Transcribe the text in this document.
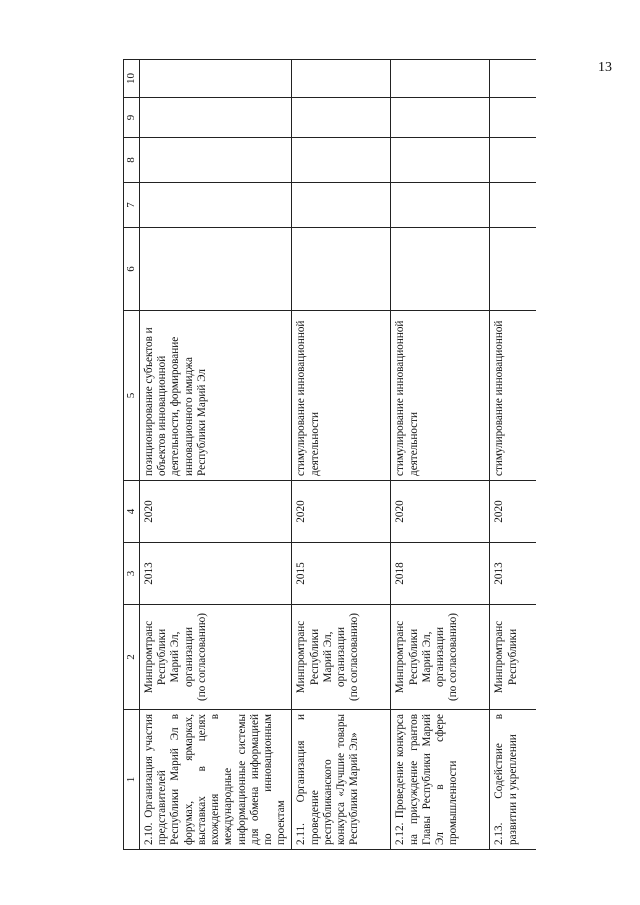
13
1	2	3	4	5	6	7	8	9	10

2.10. Организация участия представителей Республики Марий Эл в форумах, ярмарках, выставках в целях вхождения в международные информационные системы для обмена информацией по инновационным проектам	Минпромтранс
Республики
Марий Эл,
организации
(по согласованию)	2013	2020	позиционирование субъектов и объектов инновационной деятельности, формирование инновационного имиджа Республики Марий Эл					

2.11. Организация и проведение республиканского конкурса «Лучшие товары Республики Марий Эл»	Минпромтранс
Республики
Марий Эл,
организации
(по согласованию)	2015	2020	стимулирование инновационной деятельности					

2.12. Проведение конкурса на присуждение грантов Главы Республики Марий Эл в сфере промышленности	Минпромтранс
Республики
Марий Эл,
организации
(по согласованию)	2018	2020	стимулирование инновационной деятельности					

2.13. Содействие в развитии и укреплении	Минпромтранс
Республики	2013	2020	стимулирование инновационной					
